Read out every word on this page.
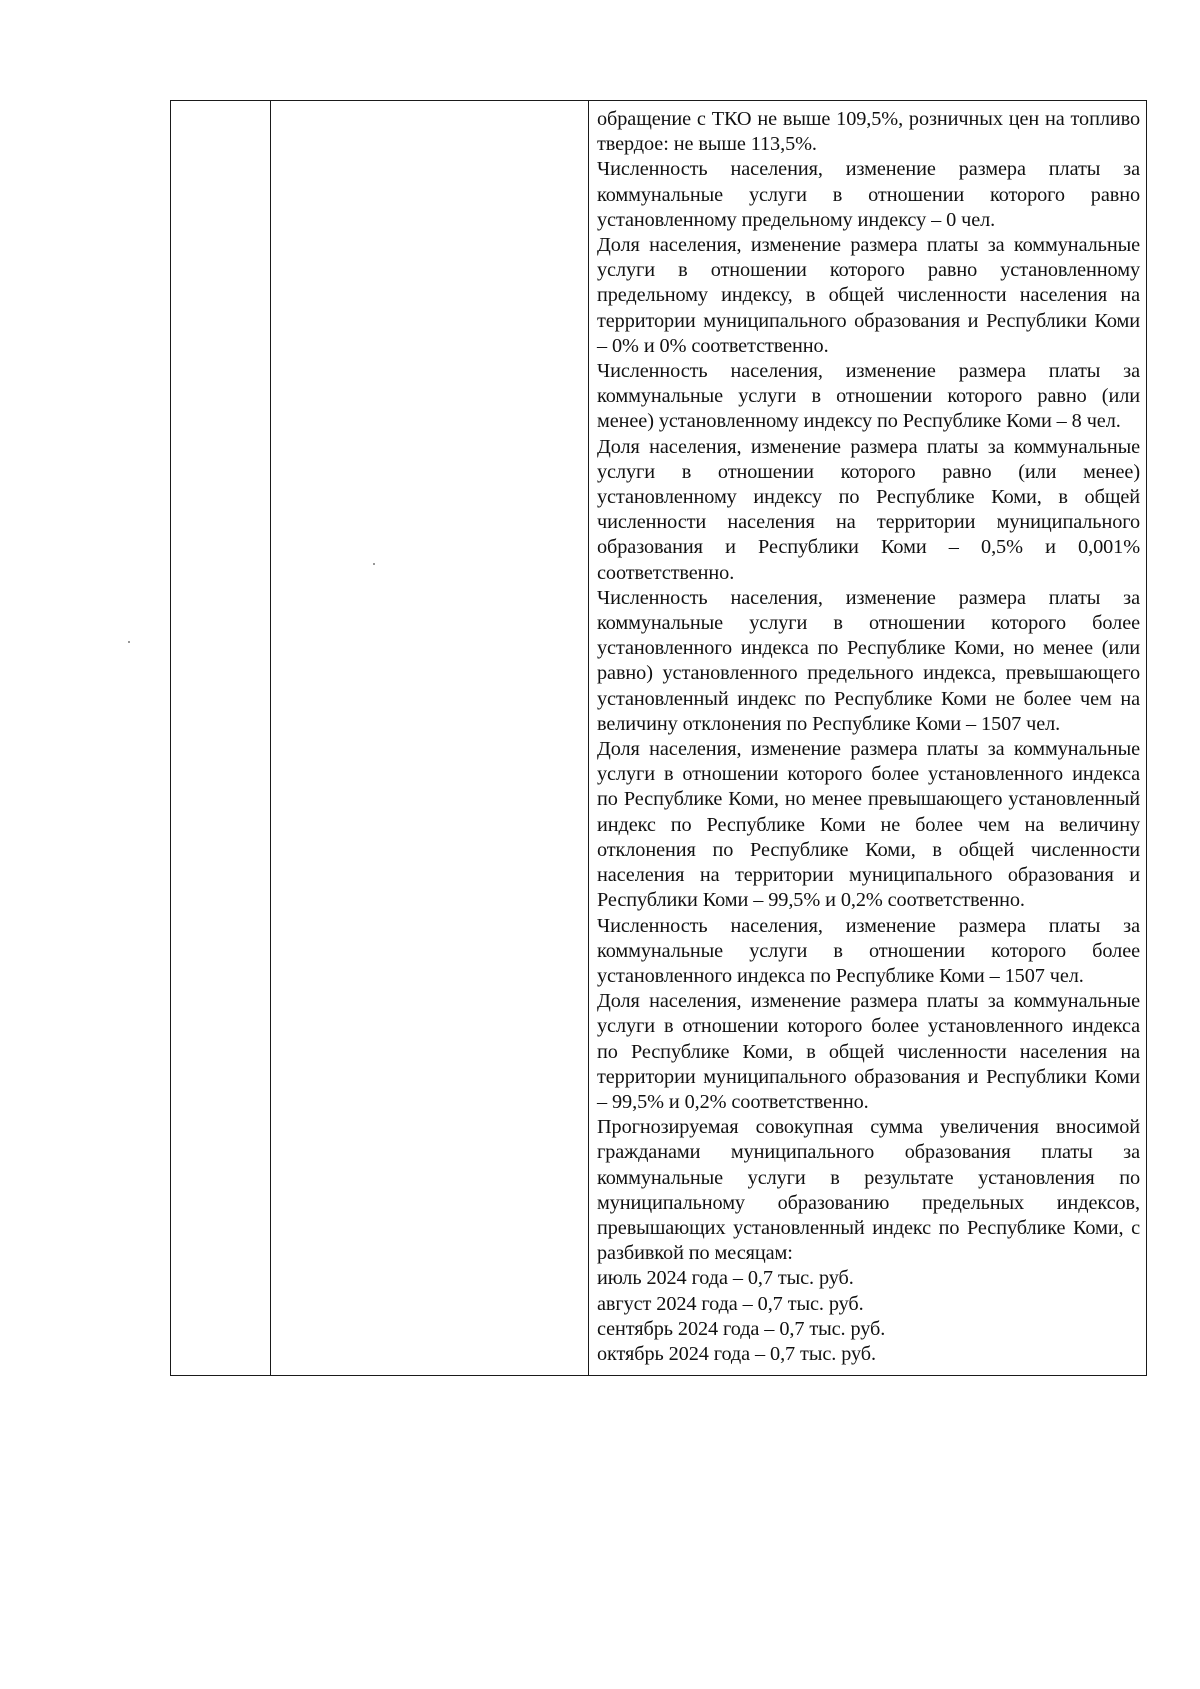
обращение с ТКО не выше 109,5%, розничных цен на топливо твердое: не выше 113,5%.

Численность населения, изменение размера платы за коммунальные услуги в отношении которого равно установленному предельному индексу – 0 чел.

Доля населения, изменение размера платы за коммунальные услуги в отношении которого равно установленному предельному индексу, в общей численности населения на территории муниципального образования и Республики Коми – 0% и 0% соответственно.

Численность населения, изменение размера платы за коммунальные услуги в отношении которого равно (или менее) установленному индексу по Республике Коми – 8 чел.

Доля населения, изменение размера платы за коммунальные услуги в отношении которого равно (или менее) установленному индексу по Республике Коми, в общей численности населения на территории муниципального образования и Республики Коми – 0,5% и 0,001% соответственно.

Численность населения, изменение размера платы за коммунальные услуги в отношении которого более установленного индекса по Республике Коми, но менее (или равно) установленного предельного индекса, превышающего установленный индекс по Республике Коми не более чем на величину отклонения по Республике Коми – 1507 чел.

Доля населения, изменение размера платы за коммунальные услуги в отношении которого более установленного индекса по Республике Коми, но менее превышающего установленный индекс по Республике Коми не более чем на величину отклонения по Республике Коми, в общей численности населения на территории муниципального образования и Республики Коми – 99,5% и 0,2% соответственно.

Численность населения, изменение размера платы за коммунальные услуги в отношении которого более установленного индекса по Республике Коми – 1507 чел.

Доля населения, изменение размера платы за коммунальные услуги в отношении которого более установленного индекса по Республике Коми, в общей численности населения на территории муниципального образования и Республики Коми – 99,5% и 0,2% соответственно.

Прогнозируемая совокупная сумма увеличения вносимой гражданами муниципального образования платы за коммунальные услуги в результате установления по муниципальному образованию предельных индексов, превышающих установленный индекс по Республике Коми, с разбивкой по месяцам:

июль 2024 года – 0,7 тыс. руб.

август 2024 года – 0,7 тыс. руб.

сентябрь 2024 года – 0,7 тыс. руб.

октябрь 2024 года – 0,7 тыс. руб.
